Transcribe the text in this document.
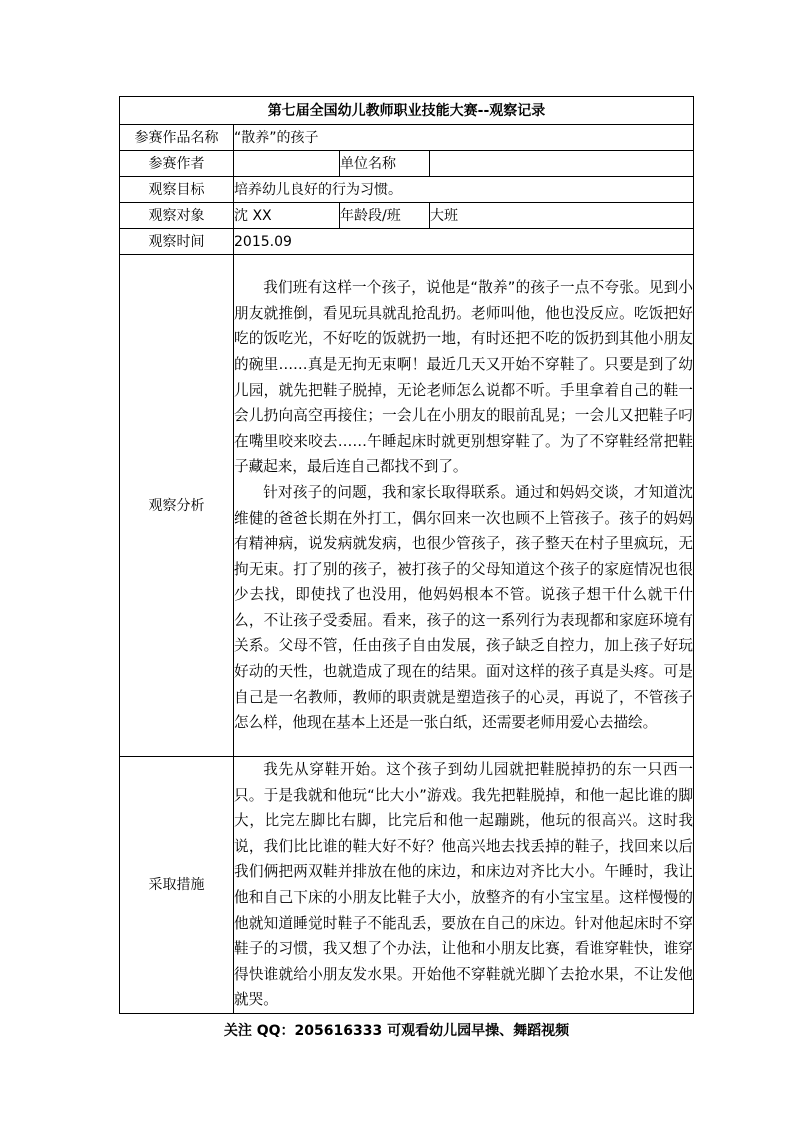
第七届全国幼儿教师职业技能大赛--观察记录			
参赛作品名称	“散养”的孩子		
参赛作者		单位名称	
观察目标	培养幼儿良好的行为习惯。		
观察对象	沈 XX	年龄段/班	大班
观察时间	2015.09		
观察分析	我们班有这样一个孩子，说他是“散养”的孩子一点不夸张。见到小朋友就推倒，看见玩具就乱抢乱扔。老师叫他，他也没反应。吃饭把好吃的饭吃光，不好吃的饭就扔一地，有时还把不吃的饭扔到其他小朋友的碗里……真是无拘无束啊！最近几天又开始不穿鞋了。只要是到了幼儿园，就先把鞋子脱掉，无论老师怎么说都不听。手里拿着自己的鞋一会儿扔向高空再接住；一会儿在小朋友的眼前乱晃；一会儿又把鞋子叼在嘴里咬来咬去……午睡起床时就更别想穿鞋了。为了不穿鞋经常把鞋子藏起来，最后连自己都找不到了。
针对孩子的问题，我和家长取得联系。通过和妈妈交谈，才知道沈维健的爸爸长期在外打工，偶尔回来一次也顾不上管孩子。孩子的妈妈有精神病，说发病就发病，也很少管孩子，孩子整天在村子里疯玩，无拘无束。打了别的孩子，被打孩子的父母知道这个孩子的家庭情况也很少去找，即使找了也没用，他妈妈根本不管。说孩子想干什么就干什么，不让孩子受委屈。看来，孩子的这一系列行为表现都和家庭环境有关系。父母不管，任由孩子自由发展，孩子缺乏自控力，加上孩子好玩好动的天性，也就造成了现在的结果。面对这样的孩子真是头疼。可是自己是一名教师，教师的职责就是塑造孩子的心灵，再说了，不管孩子怎么样，他现在基本上还是一张白纸，还需要老师用爱心去描绘。		

采取措施	我先从穿鞋开始。这个孩子到幼儿园就把鞋脱掉扔的东一只西一只。于是我就和他玩“比大小”游戏。我先把鞋脱掉，和他一起比谁的脚大，比完左脚比右脚，比完后和他一起蹦跳，他玩的很高兴。这时我说，我们比比谁的鞋大好不好？他高兴地去找丢掉的鞋子，找回来以后我们俩把两双鞋并排放在他的床边，和床边对齐比大小。午睡时，我让他和自己下床的小朋友比鞋子大小，放整齐的有小宝宝星。这样慢慢的他就知道睡觉时鞋子不能乱丢，要放在自己的床边。针对他起床时不穿鞋子的习惯，我又想了个办法，让他和小朋友比赛，看谁穿鞋快，谁穿得快谁就给小朋友发水果。开始他不穿鞋就光脚丫去抢水果，不让发他就哭。		
关注 QQ：205616333 可观看幼儿园早操、舞蹈视频
